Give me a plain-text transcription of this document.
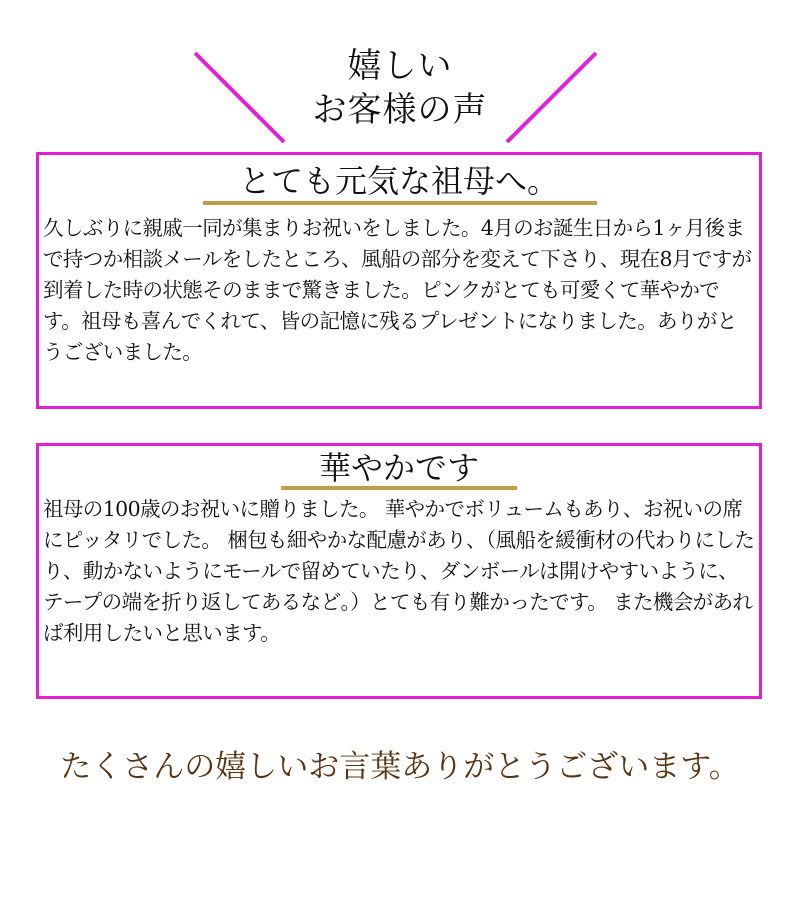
嬉しい
お客様の声
とても元気な祖母へ。
久しぶりに親戚一同が集まりお祝いをしました。4月のお誕生日から1ヶ月後まで持つか相談メールをしたところ、風船の部分を変えて下さり、現在8月ですが到着した時の状態そのままで驚きました。ピンクがとても可愛くて華やかです。祖母も喜んでくれて、皆の記憶に残るプレゼントになりました。ありがとうございました。
華やかです
祖母の100歳のお祝いに贈りました。 華やかでボリュームもあり、お祝いの席にピッタリでした。 梱包も細やかな配慮があり、（風船を緩衝材の代わりにしたり、動かないようにモールで留めていたり、ダンボールは開けやすいように、テープの端を折り返してあるなど。）とても有り難かったです。 また機会があれば利用したいと思います。
たくさんの嬉しいお言葉ありがとうございます。
